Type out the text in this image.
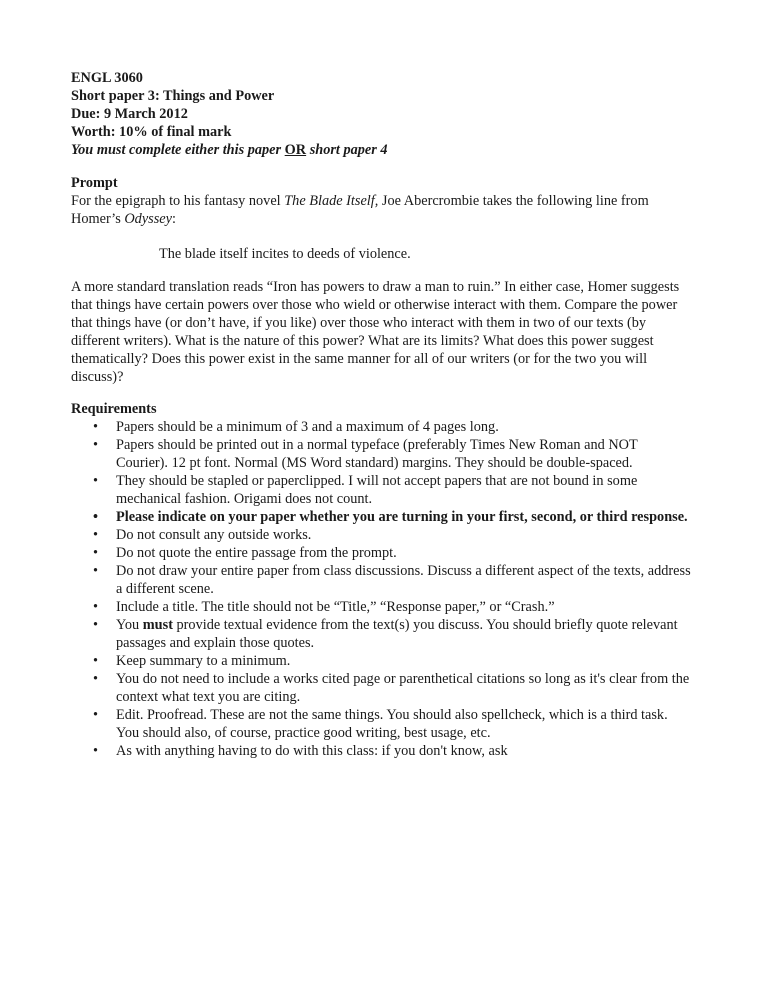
ENGL 3060
Short paper 3: Things and Power
Due: 9 March 2012
Worth: 10% of final mark
You must complete either this paper OR short paper 4
Prompt

For the epigraph to his fantasy novel The Blade Itself, Joe Abercrombie takes the following line from Homer’s Odyssey:

The blade itself incites to deeds of violence.

A more standard translation reads “Iron has powers to draw a man to ruin.” In either case, Homer suggests that things have certain powers over those who wield or otherwise interact with them. Compare the power that things have (or don’t have, if you like) over those who interact with them in two of our texts (by different writers). What is the nature of this power? What are its limits? What does this power suggest thematically? Does this power exist in the same manner for all of our writers (or for the two you will discuss)?

Requirements
• Papers should be a minimum of 3 and a maximum of 4 pages long.
• Papers should be printed out in a normal typeface (preferably Times New Roman and NOT Courier). 12 pt font. Normal (MS Word standard) margins. They should be double-spaced.
• They should be stapled or paperclipped. I will not accept papers that are not bound in some mechanical fashion. Origami does not count.
• Please indicate on your paper whether you are turning in your first, second, or third response.
• Do not consult any outside works.
• Do not quote the entire passage from the prompt.
• Do not draw your entire paper from class discussions. Discuss a different aspect of the texts, address a different scene.
• Include a title. The title should not be “Title,” “Response paper,” or “Crash.”
• You must provide textual evidence from the text(s) you discuss. You should briefly quote relevant passages and explain those quotes.
• Keep summary to a minimum.
• You do not need to include a works cited page or parenthetical citations so long as it's clear from the context what text you are citing.
• Edit. Proofread. These are not the same things. You should also spellcheck, which is a third task. You should also, of course, practice good writing, best usage, etc.
• As with anything having to do with this class: if you don't know, ask
